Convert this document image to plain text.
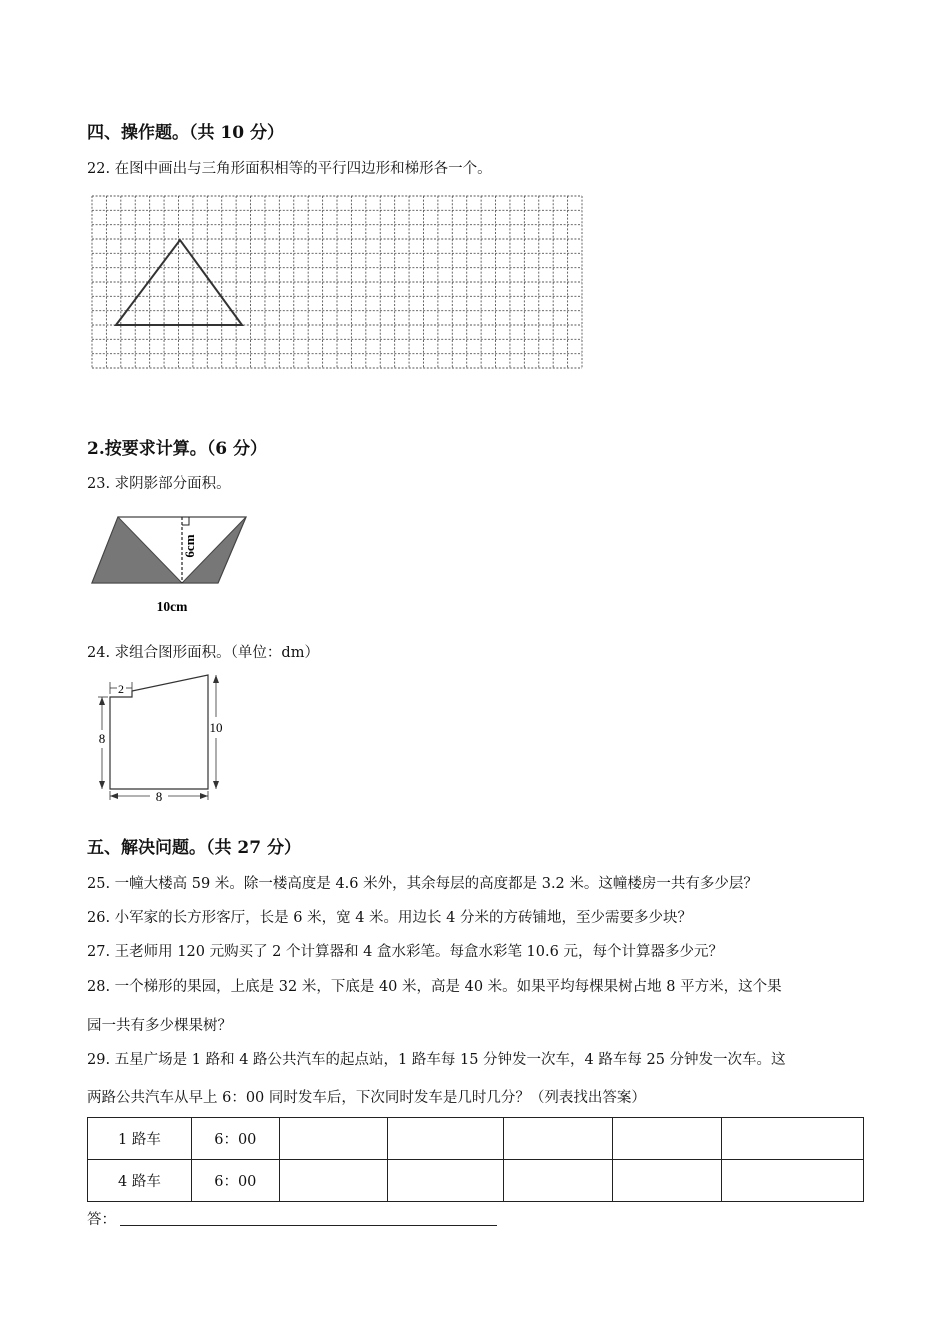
四、操作题。（共 10 分）
22. 在图中画出与三角形面积相等的平行四边形和梯形各一个。
2.按要求计算。（6 分）
23. 求阴影部分面积。
6cm
10cm
24. 求组合图形面积。（单位：dm）
2
8
10
8
五、解决问题。（共 27 分）
25. 一幢大楼高 59 米。除一楼高度是 4.6 米外，其余每层的高度都是 3.2 米。这幢楼房一共有多少层？
26. 小军家的长方形客厅，长是 6 米，宽 4 米。用边长 4 分米的方砖铺地，至少需要多少块？
27. 王老师用 120 元购买了 2 个计算器和 4 盒水彩笔。每盒水彩笔 10.6 元，每个计算器多少元？
28. 一个梯形的果园，上底是 32 米，下底是 40 米，高是 40 米。如果平均每棵果树占地 8 平方米，这个果
园一共有多少棵果树？
29. 五星广场是 1 路和 4 路公共汽车的起点站，1 路车每 15 分钟发一次车，4 路车每 25 分钟发一次车。这
两路公共汽车从早上 6：00 同时发车后，下次同时发车是几时几分？（列表找出答案）
1 路车	6：00					
4 路车	6：00					
答：
